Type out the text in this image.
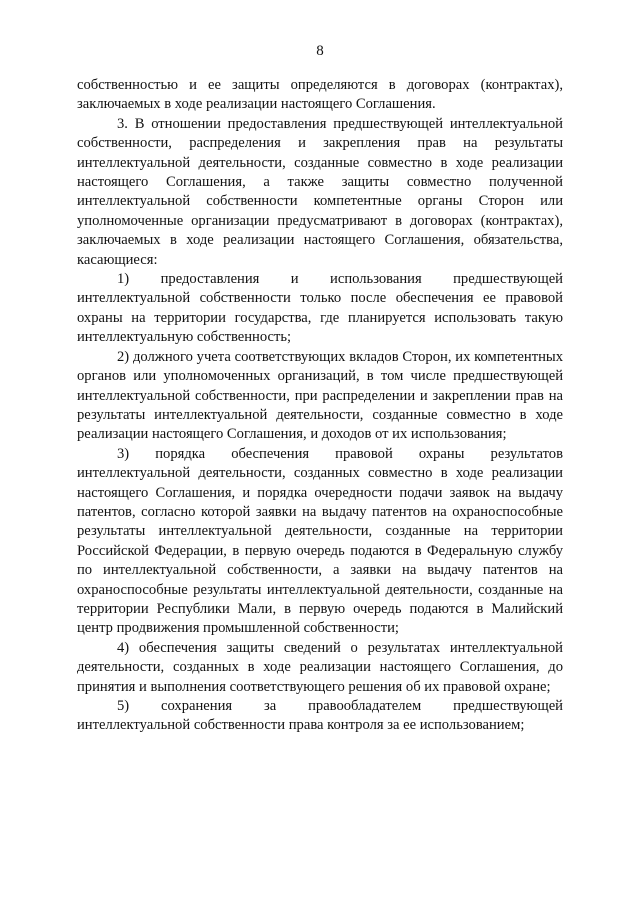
8

собственностью и ее защиты определяются в договорах (контрактах), заключаемых в ходе реализации настоящего Соглашения.

3. В отношении предоставления предшествующей интеллектуальной собственности, распределения и закрепления прав на результаты интеллектуальной деятельности, созданные совместно в ходе реализации настоящего Соглашения, а также защиты совместно полученной интеллектуальной собственности компетентные органы Сторон или уполномоченные организации предусматривают в договорах (контрактах), заключаемых в ходе реализации настоящего Соглашения, обязательства, касающиеся:

1) предоставления и использования предшествующей интеллектуальной собственности только после обеспечения ее правовой охраны на территории государства, где планируется использовать такую интеллектуальную собственность;

2) должного учета соответствующих вкладов Сторон, их компетентных органов или уполномоченных организаций, в том числе предшествующей интеллектуальной собственности, при распределении и закреплении прав на результаты интеллектуальной деятельности, созданные совместно в ходе реализации настоящего Соглашения, и доходов от их использования;

3) порядка обеспечения правовой охраны результатов интеллектуальной деятельности, созданных совместно в ходе реализации настоящего Соглашения, и порядка очередности подачи заявок на выдачу патентов, согласно которой заявки на выдачу патентов на охраноспособные результаты интеллектуальной деятельности, созданные на территории Российской Федерации, в первую очередь подаются в Федеральную службу по интеллектуальной собственности, а заявки на выдачу патентов на охраноспособные результаты интеллектуальной деятельности, созданные на территории Республики Мали, в первую очередь подаются в Малийский центр продвижения промышленной собственности;

4) обеспечения защиты сведений о результатах интеллектуальной деятельности, созданных в ходе реализации настоящего Соглашения, до принятия и выполнения соответствующего решения об их правовой охране;

5) сохранения за правообладателем предшествующей интеллектуальной собственности права контроля за ее использованием;
